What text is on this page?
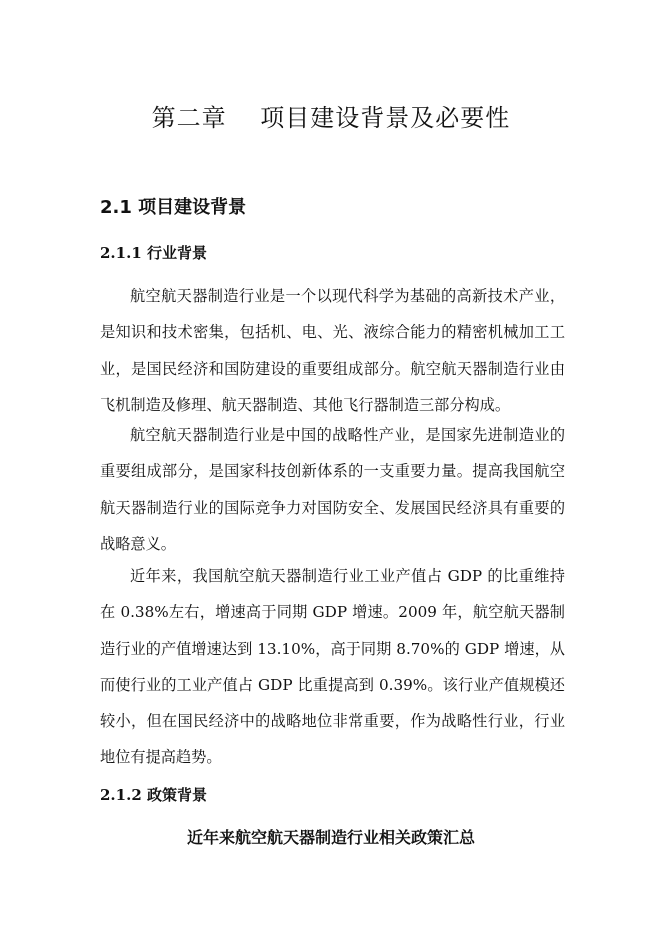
第二章　 项目建设背景及必要性
2.1 项目建设背景
2.1.1 行业背景

航空航天器制造行业是一个以现代科学为基础的高新技术产业，是知识和技术密集，包括机、电、光、液综合能力的精密机械加工工业，是国民经济和国防建设的重要组成部分。航空航天器制造行业由飞机制造及修理、航天器制造、其他飞行器制造三部分构成。

航空航天器制造行业是中国的战略性产业，是国家先进制造业的重要组成部分，是国家科技创新体系的一支重要力量。提高我国航空航天器制造行业的国际竞争力对国防安全、发展国民经济具有重要的战略意义。

近年来，我国航空航天器制造行业工业产值占 GDP 的比重维持在 0.38%左右，增速高于同期 GDP 增速。2009 年，航空航天器制造行业的产值增速达到 13.10%，高于同期 8.70%的 GDP 增速，从而使行业的工业产值占 GDP 比重提高到 0.39%。该行业产值规模还较小，但在国民经济中的战略地位非常重要，作为战略性行业，行业地位有提高趋势。

2.1.2 政策背景
近年来航空航天器制造行业相关政策汇总
